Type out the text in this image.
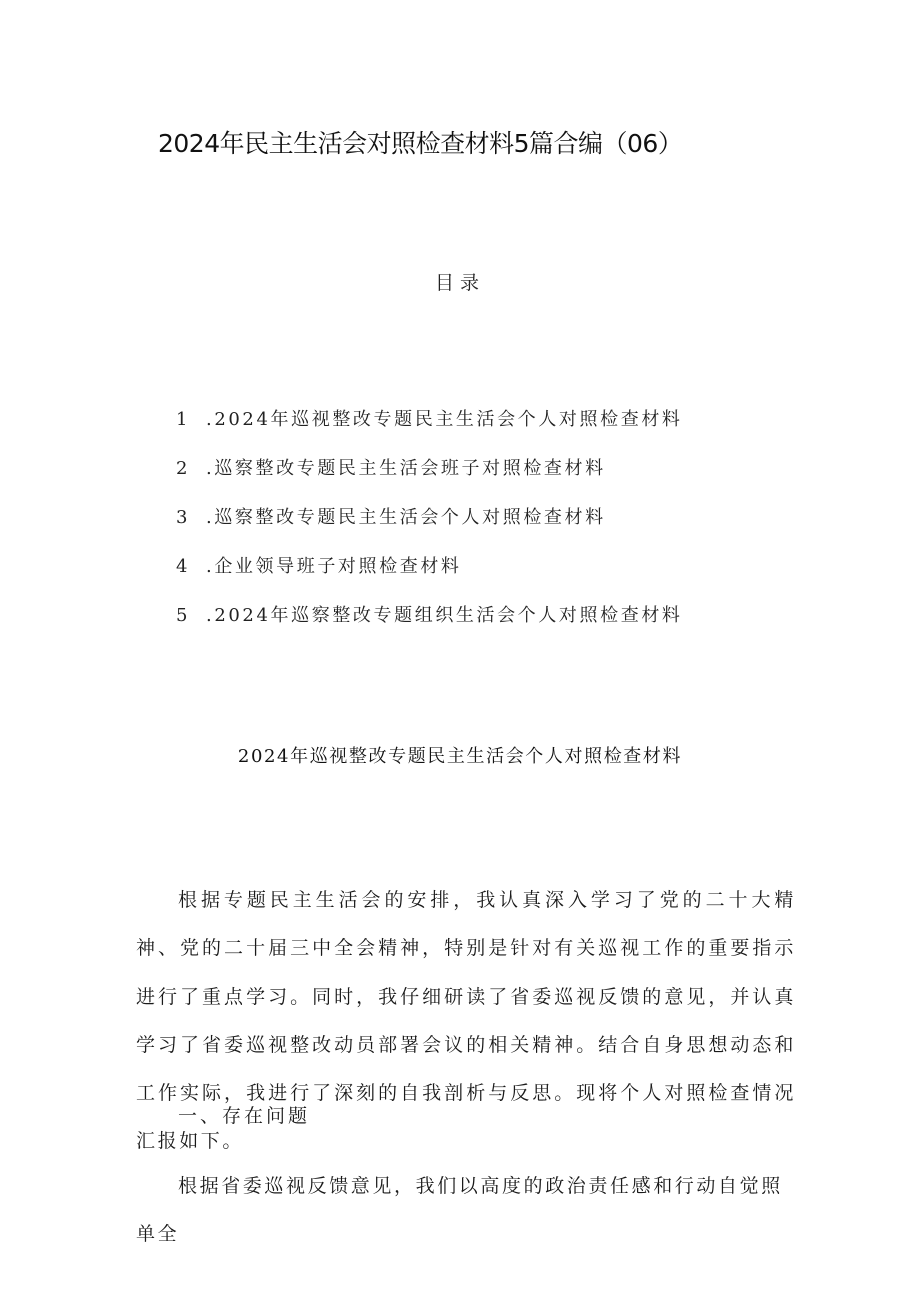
2024年民主生活会对照检查材料5篇合编（06）
目录
1 .2024年巡视整改专题民主生活会个人对照检查材料
2 .巡察整改专题民主生活会班子对照检查材料
3 .巡察整改专题民主生活会个人对照检查材料
4 .企业领导班子对照检查材料
5 .2024年巡察整改专题组织生活会个人对照检查材料
2024年巡视整改专题民主生活会个人对照检查材料

根据专题民主生活会的安排，我认真深入学习了党的二十大精神、党的二十届三中全会精神，特别是针对有关巡视工作的重要指示进行了重点学习。同时，我仔细研读了省委巡视反馈的意见，并认真学习了省委巡视整改动员部署会议的相关精神。结合自身思想动态和工作实际，我进行了深刻的自我剖析与反思。现将个人对照检查情况汇报如下。

一、存在问题

根据省委巡视反馈意见，我们以高度的政治责任感和行动自觉照单全
